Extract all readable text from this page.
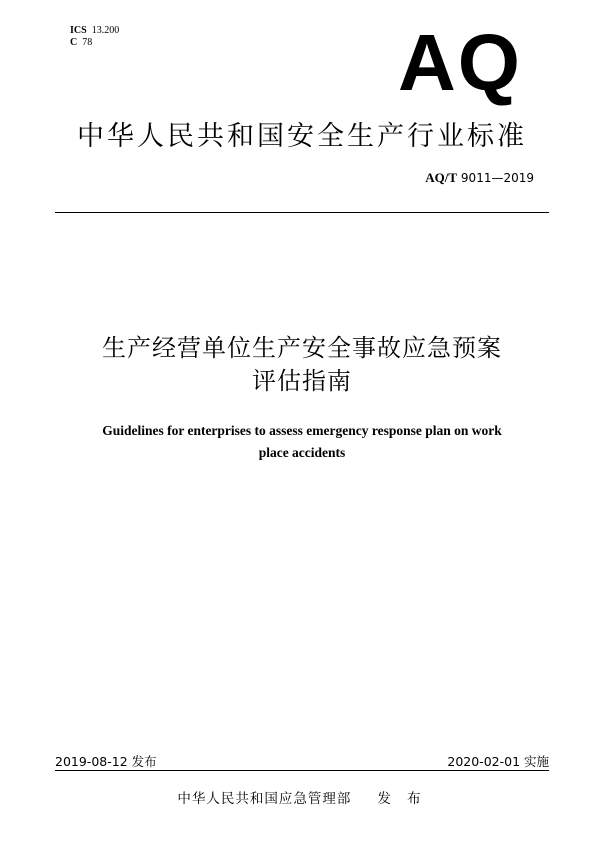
ICS 13.200
C 78	AQ
中华人民共和国安全生产行业标准
AQ/T 9011—2019
生产经营单位生产安全事故应急预案
评估指南
Guidelines for enterprises to assess emergency response plan on work
place accidents
2019-08-12 发布	2020-02-01 实施
中华人民共和国应急管理部 发 布
